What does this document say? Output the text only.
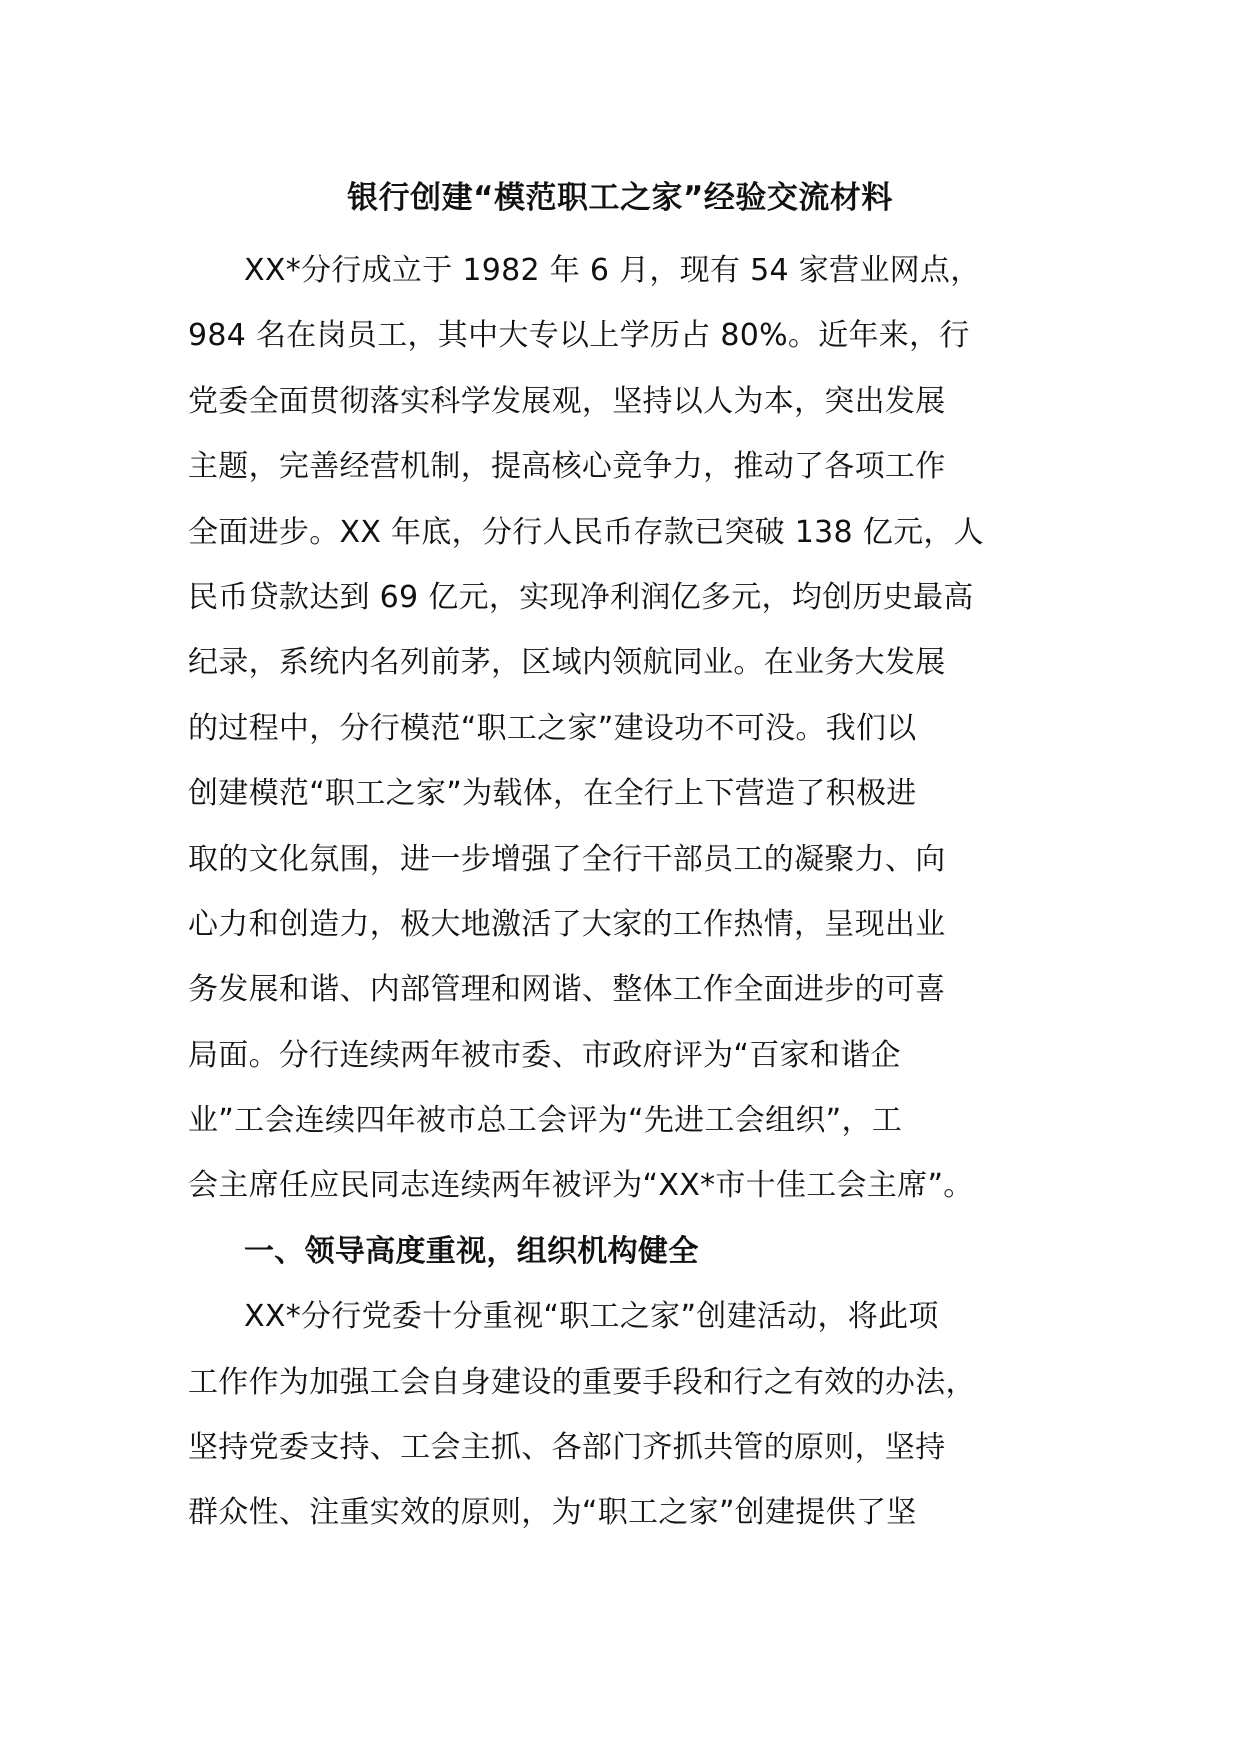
银行创建“模范职工之家”经验交流材料
XX*分行成立于 1982 年 6 月，现有 54 家营业网点，
984 名在岗员工，其中大专以上学历占 80%。近年来，行
党委全面贯彻落实科学发展观，坚持以人为本，突出发展
主题，完善经营机制，提高核心竞争力，推动了各项工作
全面进步。XX 年底，分行人民币存款已突破 138 亿元，人
民币贷款达到 69 亿元，实现净利润亿多元，均创历史最高
纪录，系统内名列前茅，区域内领航同业。在业务大发展
的过程中，分行模范“职工之家”建设功不可没。我们以
创建模范“职工之家”为载体，在全行上下营造了积极进
取的文化氛围，进一步增强了全行干部员工的凝聚力、向
心力和创造力，极大地激活了大家的工作热情，呈现出业
务发展和谐、内部管理和网谐、整体工作全面进步的可喜
局面。分行连续两年被市委、市政府评为“百家和谐企
业”工会连续四年被市总工会评为“先进工会组织”，工
会主席任应民同志连续两年被评为“XX*市十佳工会主席”。
一、领导高度重视，组织机构健全
XX*分行党委十分重视“职工之家”创建活动，将此项
工作作为加强工会自身建设的重要手段和行之有效的办法，
坚持党委支持、工会主抓、各部门齐抓共管的原则，坚持
群众性、注重实效的原则，为“职工之家”创建提供了坚
